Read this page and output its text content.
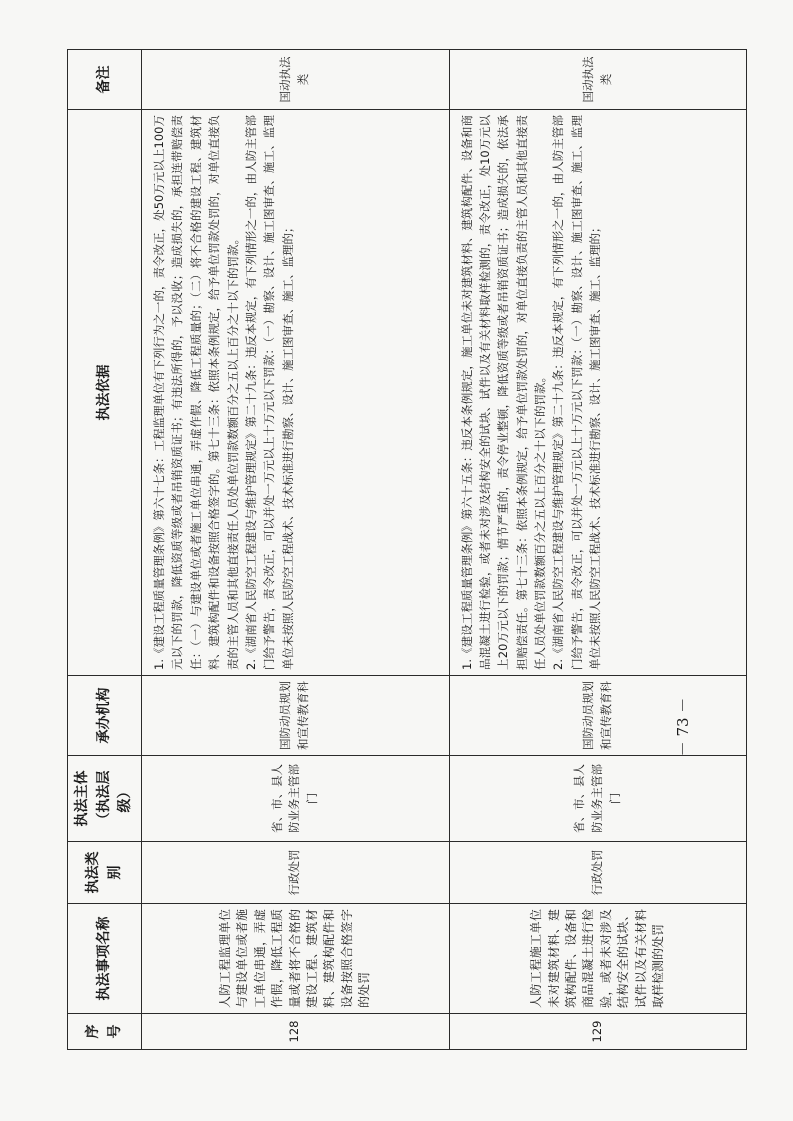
序号	执法事项名称	执法类别	执法主体（执法层级）	承办机构	执法依据	备注
128	人防工程监理单位与建设单位或者施工单位串通，弄虚作假，降低工程质量或者将不合格的建设工程、建筑材料、建筑构配件和设备按照合格签字的处罚	行政处罚	省、市、县人防业务主管部门	国防动员规划和宣传教育科	1.《建设工程质量管理条例》第六十七条：工程监理单位有下列行为之一的，责令改正，处50万元以上100万元以下的罚款，降低资质等级或者吊销资质证书；有违法所得的，予以没收；造成损失的，承担连带赔偿责任：（一）与建设单位或者施工单位串通，弄虚作假、降低工程质量的；（二）将不合格的建设工程、建筑材料、建筑构配件和设备按照合格签字的。第七十三条：依照本条例规定，给予单位罚款处罚的，对单位直接负责的主管人员和其他直接责任人员处单位罚款数额百分之五以上百分之十以下的罚款。 2.《湖南省人民防空工程建设与维护管理规定》第二十九条：违反本规定，有下列情形之一的，由人防主管部门给予警告，责令改正，可以并处一万元以上十万元以下罚款：（一）勘察、设计、施工图审查、施工、监理单位未按照人民防空工程战术、技术标准进行勘察、设计、施工图审查、施工、监理的；	国动执法类
129	人防工程施工单位未对建筑材料、建筑构配件、设备和商品混凝土进行检验，或者未对涉及结构安全的试块、试件以及有关材料取样检测的处罚	行政处罚	省、市、县人防业务主管部门	国防动员规划和宣传教育科	1.《建设工程质量管理条例》第六十五条：违反本条例规定，施工单位未对建筑材料、建筑构配件、设备和商品混凝土进行检验，或者未对涉及结构安全的试块、试件以及有关材料取样检测的，责令改正，处10万元以上20万元以下的罚款；情节严重的，责令停业整顿，降低资质等级或者吊销资质证书；造成损失的，依法承担赔偿责任。第七十三条：依照本条例规定，给予单位罚款处罚的，对单位直接负责的主管人员和其他直接责任人员处单位罚款数额百分之五以上百分之十以下的罚款。 2.《湖南省人民防空工程建设与维护管理规定》第二十九条：违反本规定，有下列情形之一的，由人防主管部门给予警告，责令改正，可以并处一万元以上十万元以下罚款：（一）勘察、设计、施工图审查、施工、监理单位未按照人民防空工程战术、技术标准进行勘察、设计、施工图审查、施工、监理的；	国动执法类
－ 73 －
